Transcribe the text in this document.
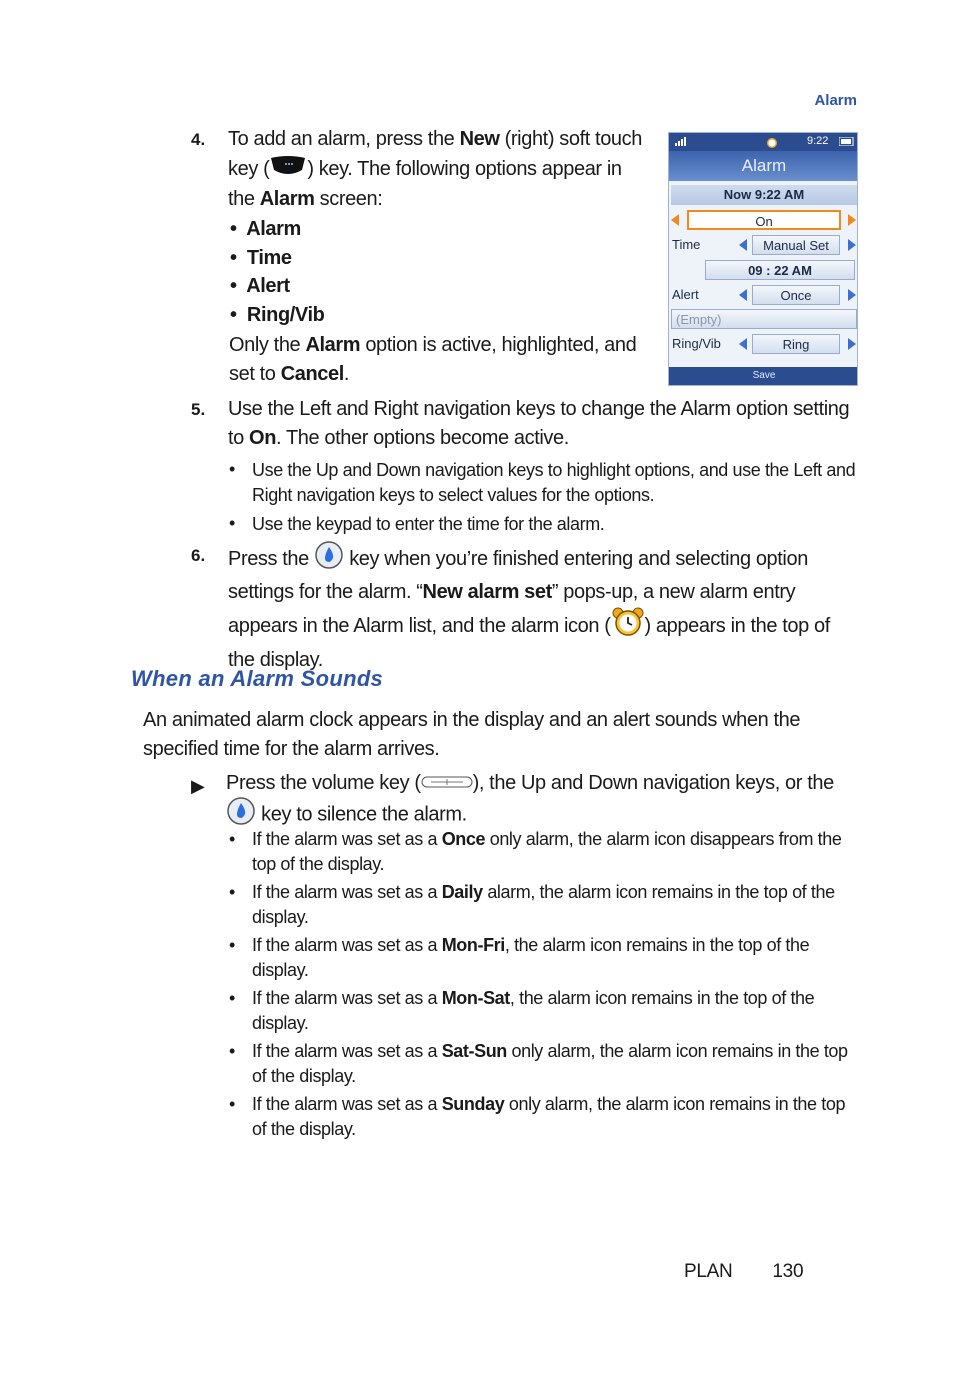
Alarm
4. To add an alarm, press the New (right) soft touch
key ( ) key. The following options appear in
the Alarm screen:
•  Alarm
•  Time
•  Alert
•  Ring/Vib
Only the Alarm option is active, highlighted, and
set to Cancel.
9:22
Alarm
Now 9:22 AM
On
Time	Manual Set
09 : 22 AM
Alert	Once
(Empty)
Ring/Vib	Ring
Save
5. Use the Left and Right navigation keys to change the Alarm option setting
to On. The other options become active.
• Use the Up and Down navigation keys to highlight options, and use the Left and
Right navigation keys to select values for the options.
• Use the keypad to enter the time for the alarm.
6. Press the  key when you’re finished entering and selecting option
settings for the alarm. “New alarm set” pops-up, a new alarm entry
appears in the Alarm list, and the alarm icon ( ) appears in the top of
the display.
When an Alarm Sounds
An animated alarm clock appears in the display and an alert sounds when the
specified time for the alarm arrives.
▶ Press the volume key (	), the Up and Down navigation keys, or the
key to silence the alarm.
• If the alarm was set as a Once only alarm, the alarm icon disappears from the
top of the display.
• If the alarm was set as a Daily alarm, the alarm icon remains in the top of the
display.
• If the alarm was set as a Mon-Fri, the alarm icon remains in the top of the
display.
• If the alarm was set as a Mon-Sat, the alarm icon remains in the top of the
display.
• If the alarm was set as a Sat-Sun only alarm, the alarm icon remains in the top
of the display.
• If the alarm was set as a Sunday only alarm, the alarm icon remains in the top
of the display.
PLAN 130
